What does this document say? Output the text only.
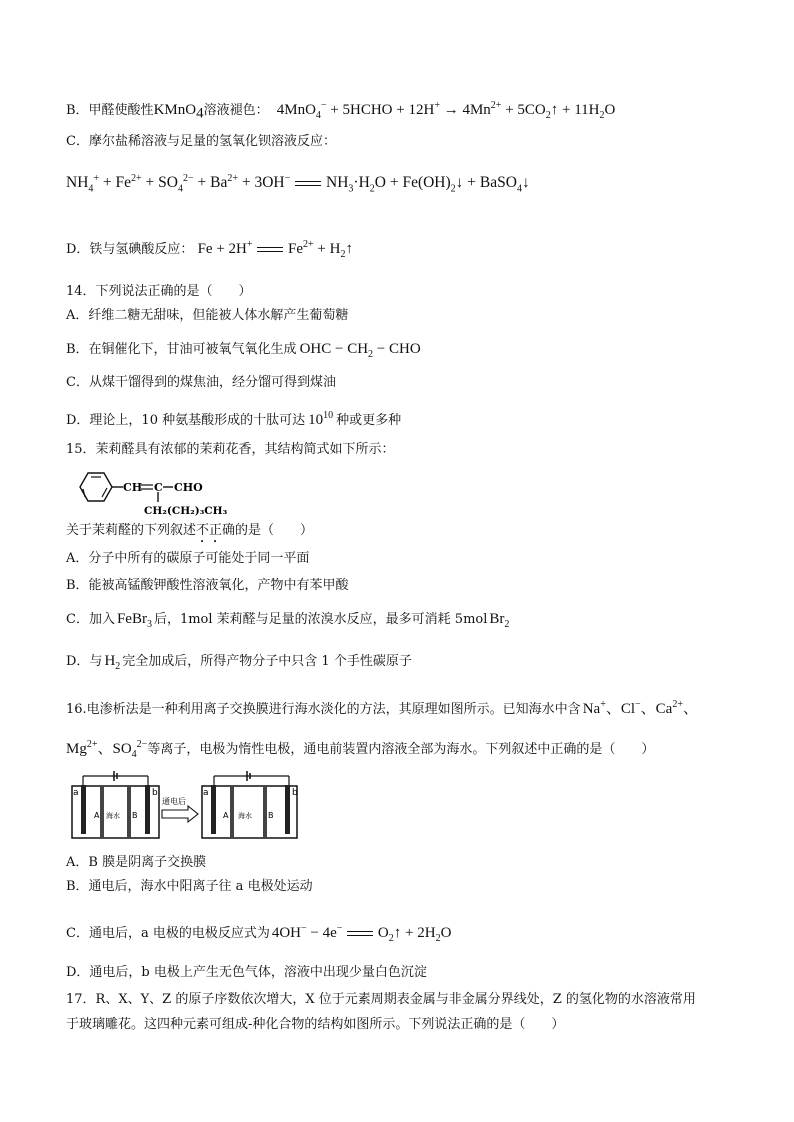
B．甲醛使酸性KMnO$_4$溶液褪色： 4MnO$_4$− + 5HCHO + $12H^+ \to 4Mn^{2+}$ + $5CO_2↑ + 11H_2O$
C．摩尔盐稀溶液与足量的氢氧化钡溶液反应：
$NH_4^+ + Fe^{2+} + SO_4^{2-} + Ba^{2+} + 3OH^-$  $NH_3\cdot H_2O$ + $Fe(OH)_2↓$ + BaSO$_4$↓
D．铁与氢碘酸反应： Fe + 2H+  $Fe^{2+}$ + $H_2↑$
14．下列说法正确的是（　　）
A．纤维二糖无甜味，但能被人体水解产生葡萄糖
B．在铜催化下，甘油可被氧气氧化生成 OHC − $CH_2$ − CHO
C．从煤干馏得到的煤焦油，经分馏可得到煤油
D．理论上，10 种氨基酸形成的十肽可达 $10^{10}$ 种或更多种
15．茉莉醛具有浓郁的茉莉花香，其结构简式如下所示：
CH C CHO
CH₂(CH₂)₃CH₃
关于茉莉醛的下列叙述不正确的是（　　）
A．分子中所有的碳原子可能处于同一平面
B．能被高锰酸钾酸性溶液氧化，产物中有苯甲酸
C．加入 FeBr$_3$ 后，1mol 茉莉醛与足量的浓溴水反应，最多可消耗 5mol $Br_2$
D．与 $H_2$ 完全加成后，所得产物分子中只含 1 个手性碳原子
16.电渗析法是一种利用离子交换膜进行海水淡化的方法，其原理如图所示。已知海水中含 Na+、Cl−、$Ca^{2+}$、
$Mg^{2+}$、$SO_4^{2-}$等离子，电极为惰性电极，通电前装置内溶液全部为海水。下列叙述中正确的是（　　）
a	b
A	B
海水
通电后
a	b
A	B
海水
A．B 膜是阴离子交换膜
B．通电后，海水中阳离子往 a 电极处运动
C．通电后，a 电极的电极反应式为 4OH− − 4e−  $O_2↑ + 2H_2O$
D．通电后，b 电极上产生无色气体，溶液中出现少量白色沉淀
17．R、X、Y、Z 的原子序数依次增大，X 位于元素周期表金属与非金属分界线处，Z 的氢化物的水溶液常用
于玻璃雕花。这四种元素可组成-种化合物的结构如图所示。下列说法正确的是（　　）
